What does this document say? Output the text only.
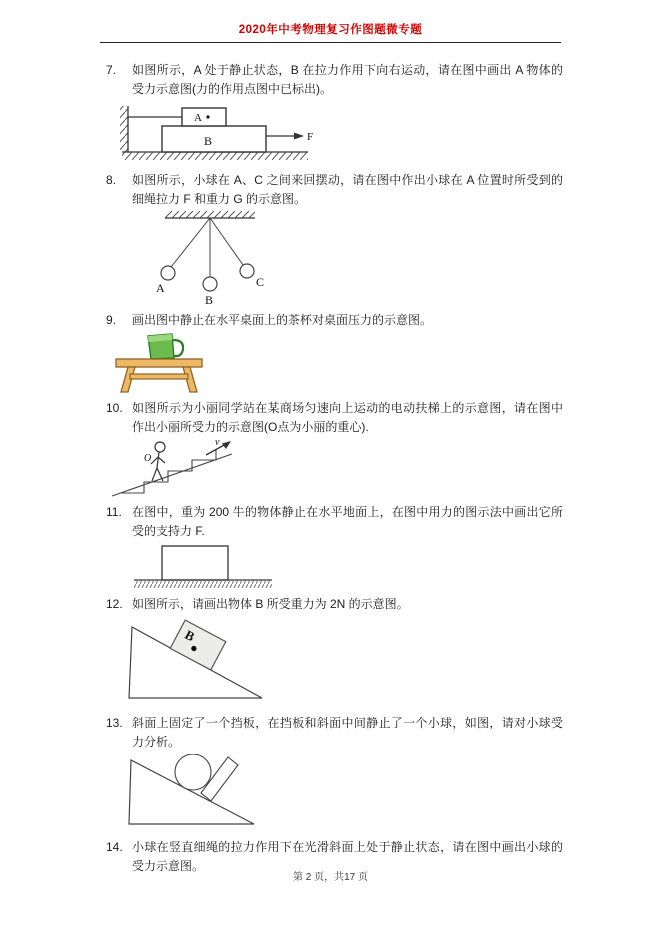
2020年中考物理复习作图题微专题
7.	如图所示，A 处于静止状态，B 在拉力作用下向右运动，请在图中画出 A 物体的受力示意图(力的作用点图中已标出)。
A
B	F
8.	如图所示，小球在 A、C 之间来回摆动，请在图中作出小球在 A 位置时所受到的细绳拉力 F 和重力 G 的示意图。
A
B
C
9.	画出图中静止在水平桌面上的茶杯对桌面压力的示意图。
10. 如图所示为小丽同学站在某商场匀速向上运动的电动扶梯上的示意图，请在图中作出小丽所受力的示意图(O点为小丽的重心).
O
v
11. 在图中，重为 200 牛的物体静止在水平地面上，在图中用力的图示法中画出它所受的支持力 F.
12. 如图所示，请画出物体 B 所受重力为 2N 的示意图。
B
13. 斜面上固定了一个挡板，在挡板和斜面中间静止了一个小球，如图，请对小球受力分析。
14. 小球在竖直细绳的拉力作用下在光滑斜面上处于静止状态，请在图中画出小球的受力示意图。
第 2 页，共17 页
